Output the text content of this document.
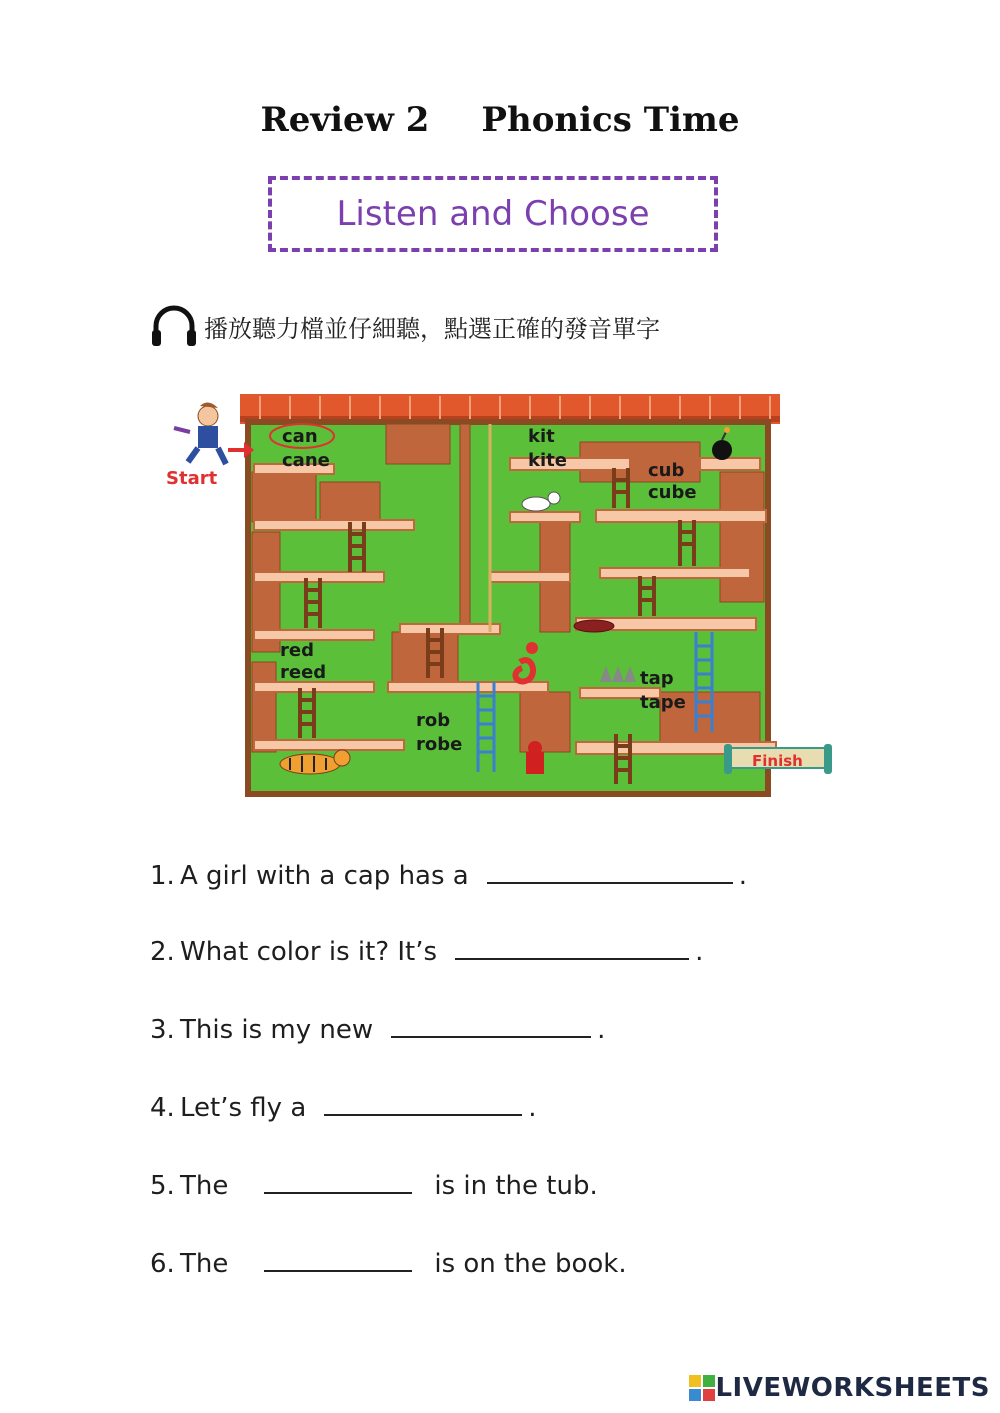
Review 2 Phonics Time
Listen and Choose
播放聽力檔並仔細聽，點選正確的發音單字
Start
Finish
can
cane
kit
kite	cub
cube
red
reed
rob
robe
tap
tape
1. A girl with a cap has a	.
2. What color is it? It’s	.
3. This is my new	.
4. Let’s fly a	.
5. The	is in the tub.
6. The	is on the book.
LIVEWORKSHEETS
